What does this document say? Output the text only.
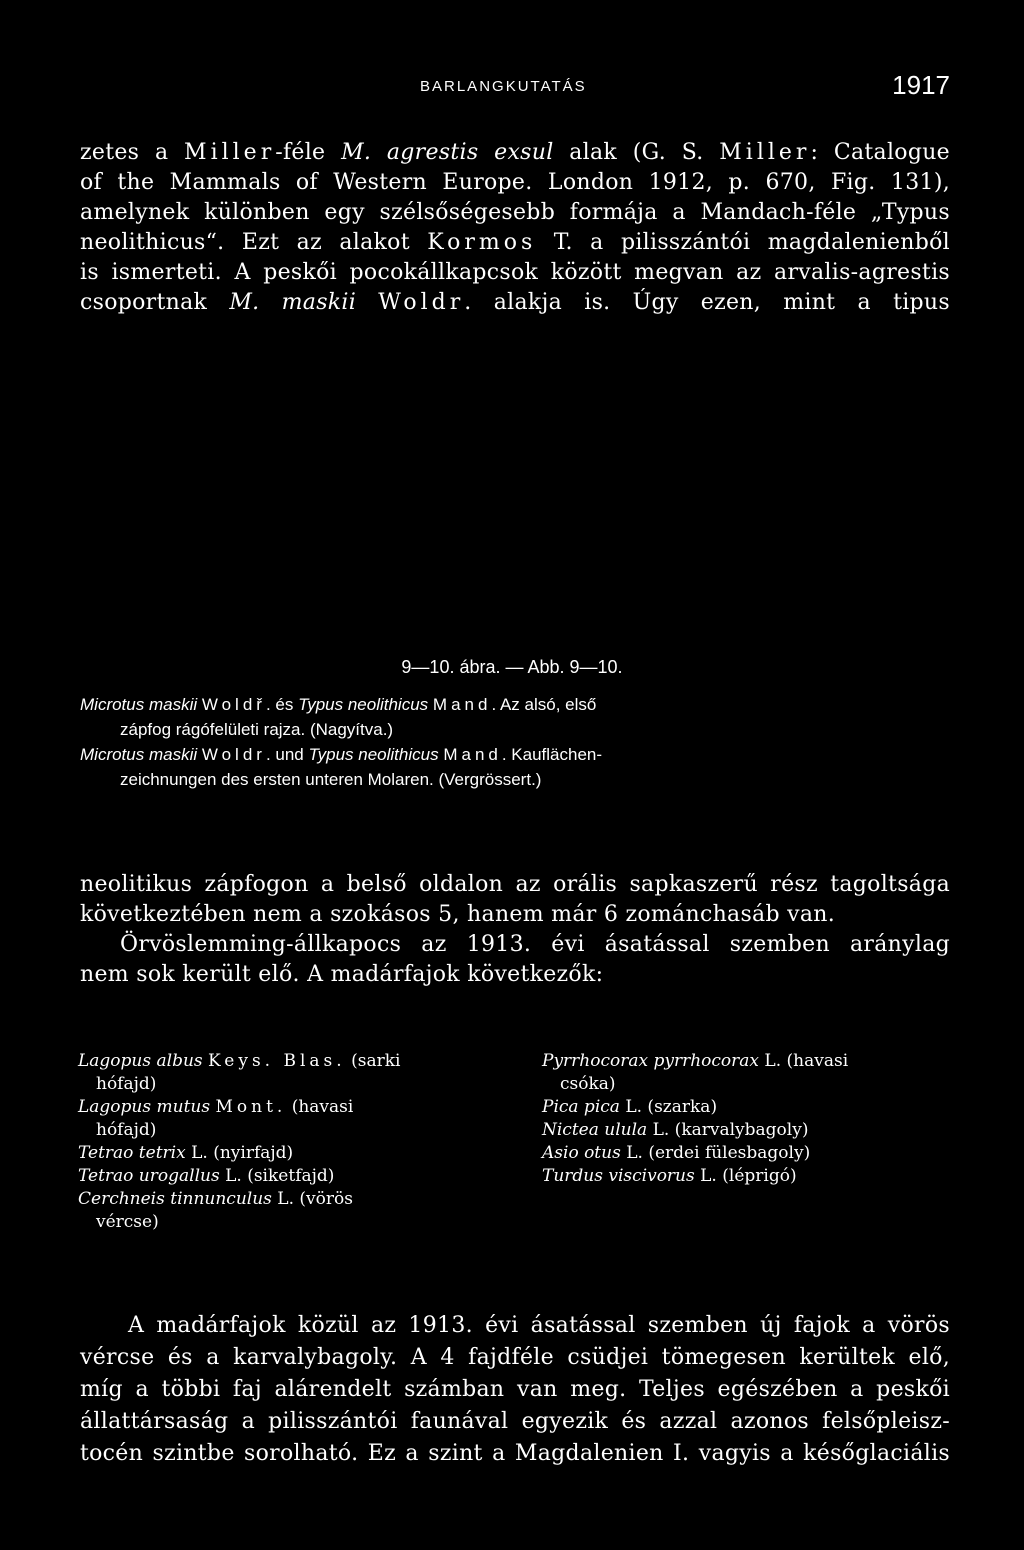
BARLANGKUTATÁS	1917

zetes a Miller-féle M. agrestis exsul alak (G. S. Miller: Catalogue

of the Mammals of Western Europe. London 1912, p. 670, Fig. 131),

amelynek különben egy szélsőségesebb formája a Mandach-féle „Typus

neolithicus“. Ezt az alakot Kormos T. a pilisszántói magdalenienből

is ismerteti. A peskői pocokállkapcsok között megvan az arvalis-agrestis

csoportnak M. maskii Woldr. alakja is. Úgy ezen, mint a tipus

9—10. ábra. — Abb. 9—10.

Microtus maskii Woldř. és Typus neolithicus Mand. Az alsó, első

zápfog rágófelületi rajza. (Nagyítva.)

Microtus maskii Woldr. und Typus neolithicus Mand. Kauflächen-

zeichnungen des ersten unteren Molaren. (Vergrössert.)

neolitikus zápfogon a belső oldalon az orális sapkaszerű rész tagoltsága

következtében nem a szokásos 5, hanem már 6 zománchasáb van.

Örvöslemming-állkapocs az 1913. évi ásatással szemben aránylag

nem sok került elő. A madárfajok következők:

Lagopus albus Keys. Blas. (sarki
hófajd)
Lagopus mutus Mont. (havasi
hófajd)
Tetrao tetrix L. (nyirfajd)
Tetrao urogallus L. (siketfajd)
Cerchneis tinnunculus L. (vörös
vércse)
Pyrrhocorax pyrrhocorax L. (havasi
csóka)
Pica pica L. (szarka)
Nictea ulula L. (karvalybagoly)
Asio otus L. (erdei fülesbagoly)
Turdus viscivorus L. (léprigó)

A madárfajok közül az 1913. évi ásatással szemben új fajok a vörös

vércse és a karvalybagoly. A 4 fajdféle csüdjei tömegesen kerültek elő,

míg a többi faj alárendelt számban van meg. Teljes egészében a peskői

állattársaság a pilisszántói faunával egyezik és azzal azonos felsőpleisz-

tocén szintbe sorolható. Ez a szint a Magdalenien I. vagyis a későglaciális
